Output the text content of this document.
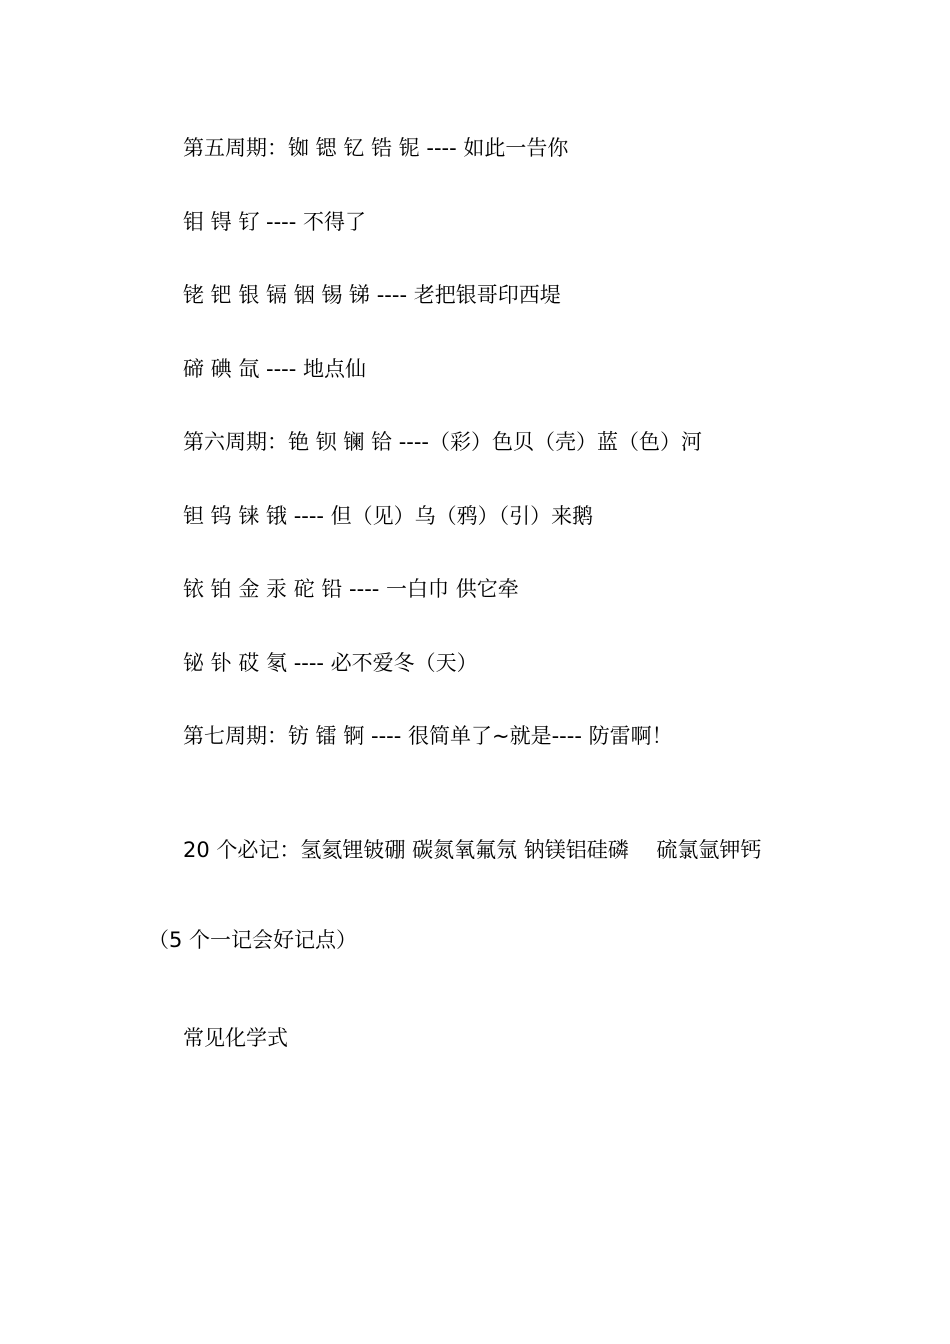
第五周期：铷 锶 钇 锆 铌 ---- 如此一告你
钼 锝 钌 ---- 不得了
铑 钯 银 镉 铟 锡 锑 ---- 老把银哥印西堤
碲 碘 氙 ---- 地点仙
第六周期：铯 钡 镧 铪 ----（彩）色贝（壳）蓝（色）河
钽 钨 铼 锇 ---- 但（见）乌（鸦）（引）来鹅
铱 铂 金 汞 砣 铅 ---- 一白巾 供它牵
铋 钋 砹 氡 ---- 必不爱冬（天）
第七周期：钫 镭 锕 ---- 很简单了~就是---- 防雷啊！
20 个必记：氢氦锂铍硼 碳氮氧氟氖 钠镁铝硅磷　 硫氯氩钾钙
（5 个一记会好记点）
常见化学式
